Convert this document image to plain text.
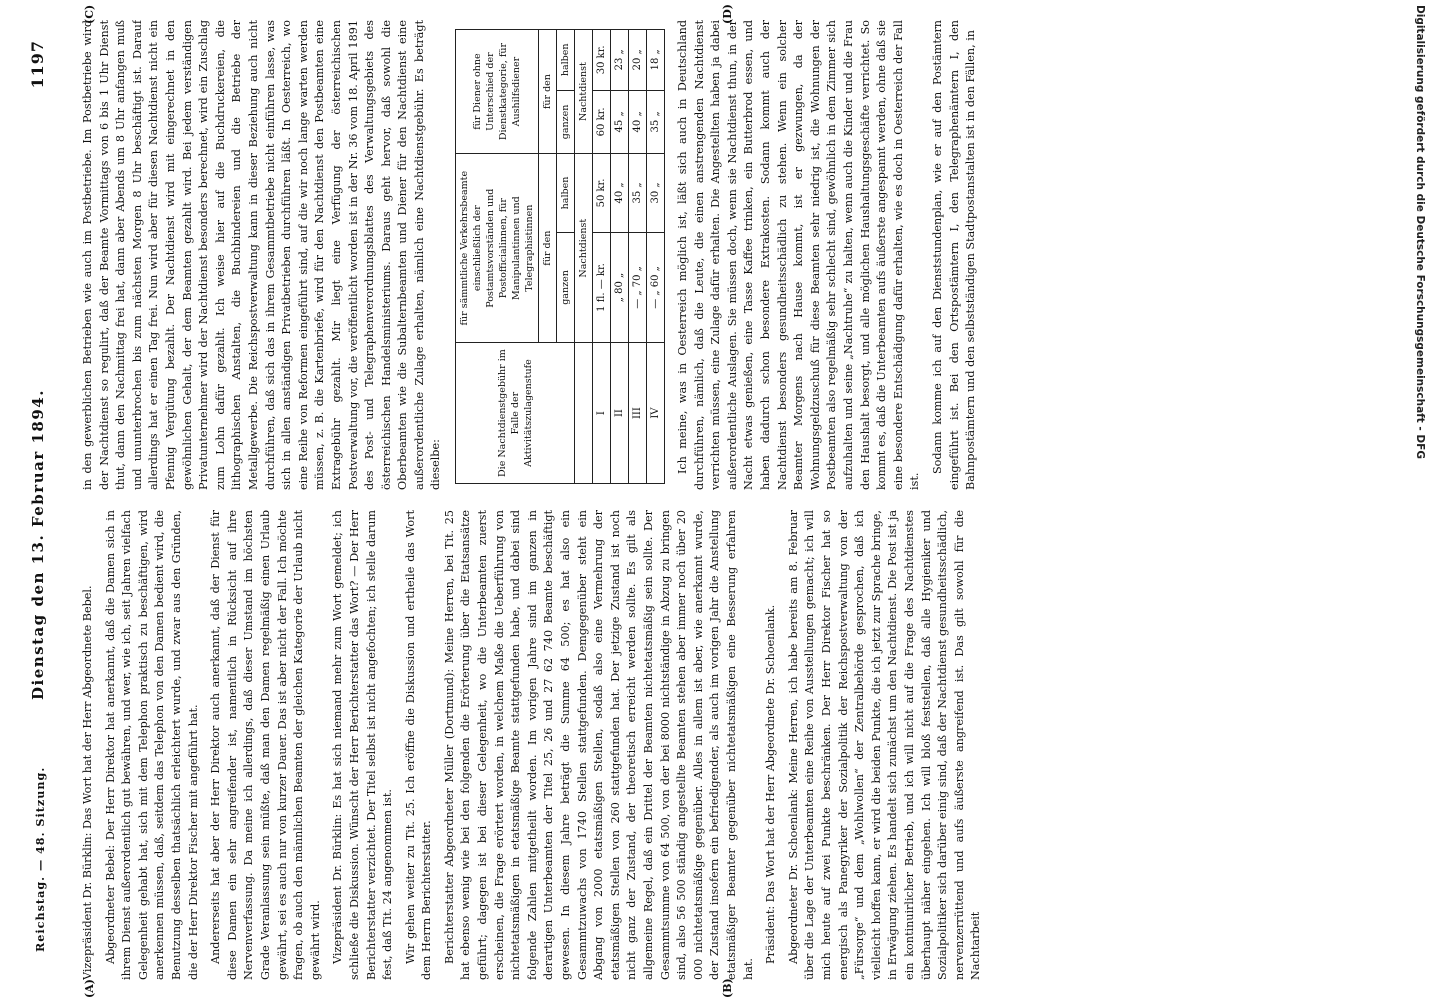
Reichstag. — 48. Sitzung.
Dienstag den 13. Februar 1894.
1197
(A)	(B)
(C)	(D)

Vizepräsident Dr. Bürklin: Das Wort hat der Herr Abgeordnete Bebel. Abgeordneter Bebel: Der Herr Direktor hat anerkannt, daß die Damen sich in ihrem Dienst außerordentlich gut bewähren, und wer, wie ich, seit Jahren vielfach Gelegenheit gehabt hat, sich mit dem Telephon praktisch zu beschäftigen, wird anerkennen müssen, daß, seitdem das Telephon von den Damen bedient wird, die Benutzung desselben thatsächlich erleichtert wurde, und zwar aus den Gründen, die der Herr Direktor Fischer mit angeführt hat. Andererseits hat aber der Herr Direktor auch anerkannt, daß der Dienst für diese Damen ein sehr angreifender ist, namentlich in Rücksicht auf ihre Nervenverfassung. Da meine ich allerdings, daß dieser Umstand im höchsten Grade Veranlassung sein müßte, daß man den Damen regelmäßig einen Urlaub gewährt, sei es auch nur von kurzer Dauer. Das ist aber nicht der Fall. Ich möchte fragen, ob auch den männlichen Beamten der gleichen Kategorie der Urlaub nicht gewährt wird. Vizepräsident Dr. Bürklin: Es hat sich niemand mehr zum Wort gemeldet; ich schließe die Diskussion. Wünscht der Herr Berichterstatter das Wort? — Der Herr Berichterstatter verzichtet. Der Titel selbst ist nicht angefochten; ich stelle darum fest, daß Tit. 24 angenommen ist. Wir gehen weiter zu Tit. 25. Ich eröffne die Diskussion und ertheile das Wort dem Herrn Berichterstatter. Berichterstatter Abgeordneter Müller (Dortmund): Meine Herren, bei Tit. 25 hat ebenso wenig wie bei den folgenden die Erörterung über die Etatsansätze geführt; dagegen ist bei dieser Gelegenheit, wo die Unterbeamten zuerst erscheinen, die Frage erörtert worden, in welchem Maße die Ueberführung von nichtetatsmäßigen in etatsmäßige Beamte stattgefunden habe, und dabei sind folgende Zahlen mitgetheilt worden. Im vorigen Jahre sind im ganzen in derartigen Unterbeamten der Titel 25, 26 und 27 62 740 Beamte beschäftigt gewesen. In diesem Jahre beträgt die Summe 64 500; es hat also ein Gesammtzuwachs von 1740 Stellen stattgefunden. Demgegenüber steht ein Abgang von 2000 etatsmäßigen Stellen, sodaß also eine Vermehrung der etatsmäßigen Stellen von 260 stattgefunden hat. Der jetzige Zustand ist noch nicht ganz der Zustand, der theoretisch erreicht werden sollte. Es gilt als allgemeine Regel, daß ein Drittel der Beamten nichtetatsmäßig sein sollte. Der Gesammtsumme von 64 500, von der bei 8000 nichtständige in Abzug zu bringen sind, also 56 500 ständig angestellte Beamten stehen aber immer noch über 20 000 nichtetatsmäßige gegenüber. Alles in allem ist aber, wie anerkannt wurde, der Zustand insofern ein befriedigender, als auch im vorigen Jahr die Anstellung etatsmäßiger Beamter gegenüber nichtetatsmäßigen eine Besserung erfahren hat.

Präsident: Das Wort hat der Herr Abgeordnete Dr. Schoenlank. Abgeordneter Dr. Schoenlank: Meine Herren, ich habe bereits am 8. Februar über die Lage der Unterbeamten eine Reihe von Ausstellungen gemacht; ich will mich heute auf zwei Punkte beschränken. Der Herr Direktor Fischer hat so energisch als Panegyriker der Sozialpolitik der Reichspostverwaltung von der „Fürsorge“ und dem „Wohlwollen“ der Zentralbehörde gesprochen, daß ich vielleicht hoffen kann, er wird die beiden Punkte, die ich jetzt zur Sprache bringe, in Erwägung ziehen. Es handelt sich zunächst um den Nachtdienst. Die Post ist ja ein kontinuirlicher Betrieb, und ich will nicht auf die Frage des Nachtdienstes überhaupt näher eingehen. Ich will bloß feststellen, daß alle Hygieniker und Sozialpolitiker sich darüber einig sind, daß der Nachtdienst gesundheitsschädlich, nervenzerrüttend und aufs äußerste angreifend ist. Das gilt sowohl für die Nachtarbeit

in den gewerblichen Betrieben wie auch im Postbetriebe. Im Postbetriebe wird der Nachtdienst so regulirt, daß der Beamte Vormittags von 6 bis 1 Uhr Dienst thut, dann den Nachmittag frei hat, dann aber Abends um 8 Uhr anfangen muß und ununterbrochen bis zum nächsten Morgen 8 Uhr beschäftigt ist. Darauf allerdings hat er einen Tag frei. Nun wird aber für diesen Nachtdienst nicht ein Pfennig Vergütung bezahlt. Der Nachtdienst wird mit eingerechnet in den gewöhnlichen Gehalt, der dem Beamten gezahlt wird. Bei jedem verständigen Privatunternehmer wird der Nachtdienst besonders berechnet, wird ein Zuschlag zum Lohn dafür gezahlt. Ich weise hier auf die Buchdruckereien, die lithographischen Anstalten, die Buchbindereien und die Betriebe der Metallgewerbe. Die Reichspostverwaltung kann in dieser Beziehung auch nicht durchführen, daß sich das in ihrem Gesammtbetriebe nicht einführen lasse, was sich in allen anständigen Privatbetrieben durchführen läßt. In Oesterreich, wo eine Reihe von Reformen eingeführt sind, auf die wir noch lange warten werden müssen, z. B. die Kartenbriefe, wird für den Nachtdienst den Postbeamten eine Extragebühr gezahlt. Mir liegt eine Verfügung der österreichischen Postverwaltung vor, die veröffentlicht worden ist in der Nr. 36 vom 18. April 1891 des Post- und Telegraphenverordnungsblattes des Verwaltungsgebiets des österreichischen Handelsministeriums. Daraus geht hervor, daß sowohl die Oberbeamten wie die Subalternbeamten und Diener für den Nachtdienst eine außerordentliche Zulage erhalten, nämlich eine Nachtdienstgebühr. Es beträgt dieselbe:	Die Nachtdienstgebühr im Falle der Aktivitätszulagenstufe	für sämmtliche Verkehrsbeamte einschließlich der Postamtsvorständen und Postofficialinnen, für Manipulantinnen und Telegraphistinnen		für Diener ohne Unterschied der Dienstkategorie, für Aushilfsdiener	
	für den		für den	
	ganzen	halben	ganzen	halben
	Nachtdienst		Nachtdienst	
I	1 fl. — kr.	50 kr.	60 kr.	30 kr.
II	„ 80 „	40 „	45 „	23 „
III	— „ 70 „	35 „	40 „	20 „
IV	— „ 60 „	30 „	35 „	18 „ Ich meine, was in Oesterreich möglich ist, läßt sich auch in Deutschland durchführen, nämlich, daß die Leute, die einen anstrengenden Nachtdienst verrichten müssen, eine Zulage dafür erhalten. Die Angestellten haben ja dabei außerordentliche Auslagen. Sie müssen doch, wenn sie Nachtdienst thun, in der Nacht etwas genießen, eine Tasse Kaffee trinken, ein Butterbrod essen, und haben dadurch schon besondere Extrakosten. Sodann kommt auch der Nachtdienst besonders gesundheitsschädlich zu stehen. Wenn ein solcher Beamter Morgens nach Hause kommt, ist er gezwungen, da der Wohnungsgeldzuschuß für diese Beamten sehr niedrig ist, die Wohnungen der Postbeamten also regelmäßig sehr schlecht sind, gewöhnlich in dem Zimmer sich aufzuhalten und seine „Nachtruhe“ zu halten, wenn auch die Kinder und die Frau den Haushalt besorgt, und alle möglichen Haushaltungsgeschäfte verrichtet. So kommt es, daß die Unterbeamten aufs äußerste angespannt werden, ohne daß sie eine besondere Entschädigung dafür erhalten, wie es doch in Oesterreich der Fall ist.

Sodann komme ich auf den Dienststundenplan, wie er auf den Postämtern eingeführt ist. Bei den Ortspostämtern I, den Telegraphenämtern I, den Bahnpostämtern und den selbstständigen Stadtpostanstalten ist in den Fällen, in	Digitalisierung gefördert durch die Deutsche Forschungsgemeinschaft - DFG
